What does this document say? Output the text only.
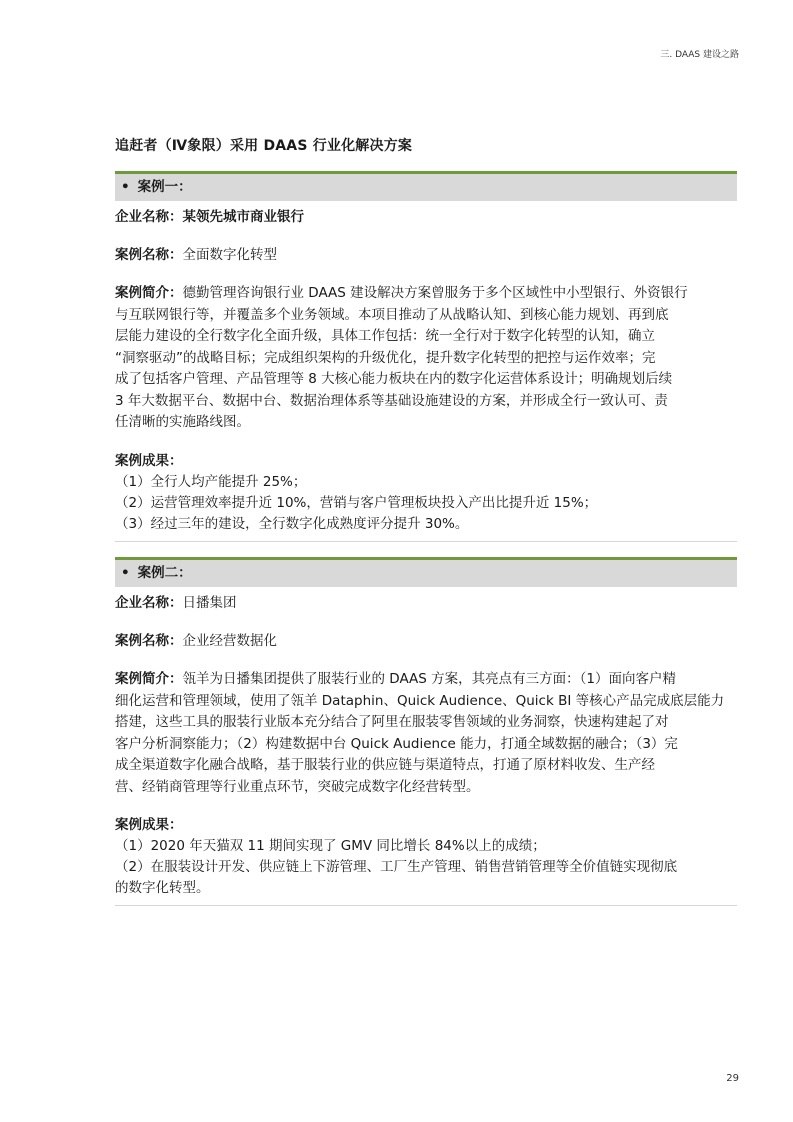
三. DAAS 建设之路
追赶者（Ⅳ象限）采用 DAAS 行业化解决方案
• 案例一：

企业名称：某领先城市商业银行

案例名称：全面数字化转型

案例简介：德勤管理咨询银行业 DAAS 建设解决方案曾服务于多个区域性中小型银行、外资银行

与互联网银行等，并覆盖多个业务领域。本项目推动了从战略认知、到核心能力规划、再到底

层能力建设的全行数字化全面升级，具体工作包括：统一全行对于数字化转型的认知，确立

“洞察驱动”的战略目标；完成组织架构的升级优化，提升数字化转型的把控与运作效率；完

成了包括客户管理、产品管理等 8 大核心能力板块在内的数字化运营体系设计；明确规划后续

3 年大数据平台、数据中台、数据治理体系等基础设施建设的方案，并形成全行一致认可、责

任清晰的实施路线图。

案例成果：

（1）全行人均产能提升 25%；

（2）运营管理效率提升近 10%，营销与客户管理板块投入产出比提升近 15%；

（3）经过三年的建设，全行数字化成熟度评分提升 30%。

• 案例二：

企业名称：日播集团

案例名称：企业经营数据化

案例简介：瓴羊为日播集团提供了服装行业的 DAAS 方案，其亮点有三方面：（1）面向客户精

细化运营和管理领域，使用了瓴羊 Dataphin、Quick Audience、Quick BI 等核心产品完成底层能力

搭建，这些工具的服装行业版本充分结合了阿里在服装零售领域的业务洞察，快速构建起了对

客户分析洞察能力；（2）构建数据中台 Quick Audience 能力，打通全域数据的融合；（3）完

成全渠道数字化融合战略，基于服装行业的供应链与渠道特点，打通了原材料收发、生产经

营、经销商管理等行业重点环节，突破完成数字化经营转型。

案例成果：

（1）2020 年天猫双 11 期间实现了 GMV 同比增长 84%以上的成绩；

（2）在服装设计开发、供应链上下游管理、工厂生产管理、销售营销管理等全价值链实现彻底

的数字化转型。

29
